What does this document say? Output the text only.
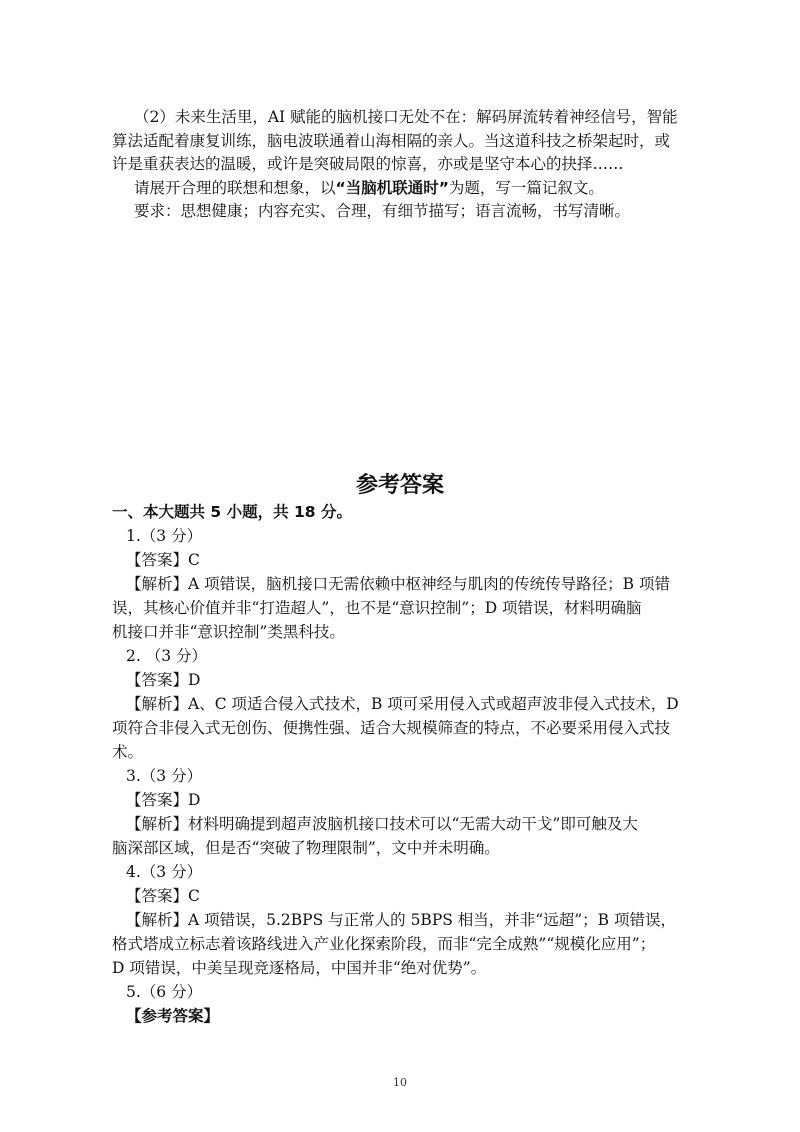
（2）未来生活里，AI 赋能的脑机接口无处不在：解码屏流转着神经信号，智能
算法适配着康复训练，脑电波联通着山海相隔的亲人。当这道科技之桥架起时，或
许是重获表达的温暖，或许是突破局限的惊喜，亦或是坚守本心的抉择……
请展开合理的联想和想象，以“当脑机联通时”为题，写一篇记叙文。
要求：思想健康；内容充实、合理，有细节描写；语言流畅，书写清晰。
参考答案
一、本大题共 5 小题，共 18 分。
1.（3 分）
【答案】C
【解析】A 项错误，脑机接口无需依赖中枢神经与肌肉的传统传导路径；B 项错
误，其核心价值并非“打造超人”，也不是“意识控制”；D 项错误，材料明确脑
机接口并非“意识控制”类黑科技。
2. （3 分）
【答案】D
【解析】A、C 项适合侵入式技术，B 项可采用侵入式或超声波非侵入式技术，D
项符合非侵入式无创伤、便携性强、适合大规模筛查的特点，不必要采用侵入式技
术。
3.（3 分）
【答案】D
【解析】材料明确提到超声波脑机接口技术可以“无需大动干戈”即可触及大
脑深部区域，但是否“突破了物理限制”，文中并未明确。
4.（3 分）
【答案】C
【解析】A 项错误，5.2BPS 与正常人的 5BPS 相当，并非“远超”；B 项错误，
格式塔成立标志着该路线进入产业化探索阶段，而非“完全成熟”“规模化应用”；
D 项错误，中美呈现竞逐格局，中国并非“绝对优势”。
5.（6 分）
【参考答案】
10
